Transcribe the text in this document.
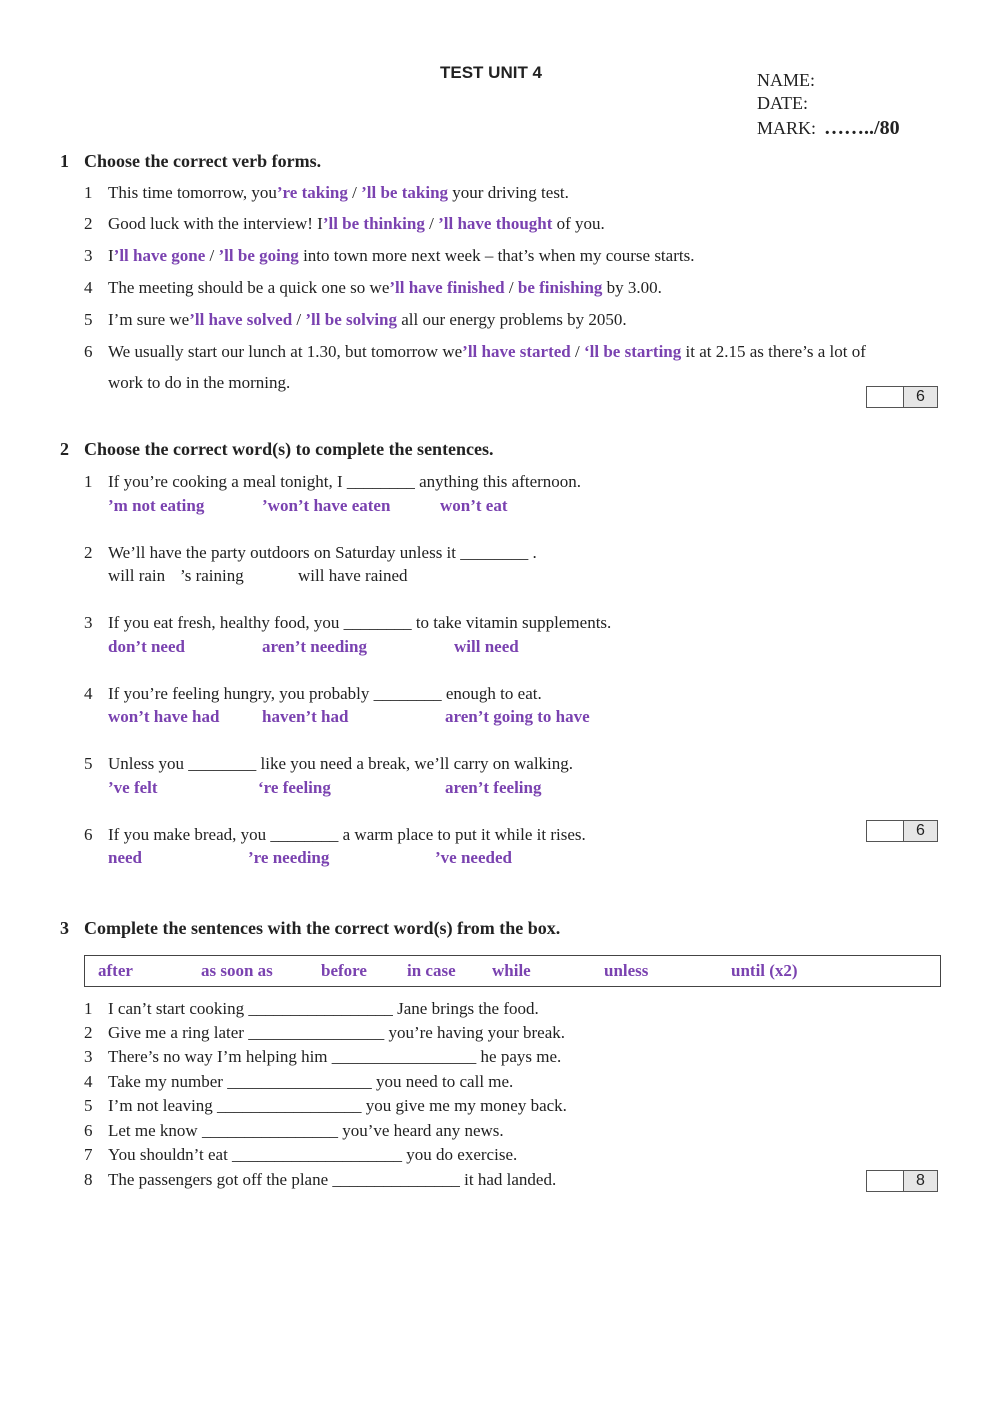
TEST UNIT 4	NAME:
DATE:
MARK: ……../80
1 Choose the correct verb forms.
1 This time tomorrow, you’re taking / ’ll be taking your driving test.
2 Good luck with the interview! I’ll be thinking / ’ll have thought of you.
3 I’ll have gone / ’ll be going into town more next week – that’s when my course starts.
4 The meeting should be a quick one so we’ll have finished / be finishing by 3.00.
5 I’m sure we’ll have solved / ’ll be solving all our energy problems by 2050.
6 We usually start our lunch at 1.30, but tomorrow we’ll have started / ‘ll be starting it at 2.15 as there’s a lot of
work to do in the morning.
6
2 Choose the correct word(s) to complete the sentences.
1 If you’re cooking a meal tonight, I ________ anything this afternoon.
’m not eating	’won’t have eaten	won’t eat
2 We’ll have the party outdoors on Saturday unless it ________ .
will rain ’s raining	will have rained
3 If you eat fresh, healthy food, you ________ to take vitamin supplements.
don’t need	aren’t needing	will need
4 If you’re feeling hungry, you probably ________ enough to eat.
won’t have had	haven’t had	aren’t going to have
5 Unless you ________ like you need a break, we’ll carry on walking.
’ve felt	‘re feeling	aren’t feeling
6 If you make bread, you ________ a warm place to put it while it rises.
need	’re needing	’ve needed
6
3 Complete the sentences with the correct word(s) from the box.
after	as soon as	before in case while	unless	until (x2)
1 I can’t start cooking _________________ Jane brings the food.
2 Give me a ring later ________________ you’re having your break.
3 There’s no way I’m helping him _________________ he pays me.
4 Take my number _________________ you need to call me.
5 I’m not leaving _________________ you give me my money back.
6 Let me know ________________ you’ve heard any news.
7 You shouldn’t eat ____________________ you do exercise.
8 The passengers got off the plane _______________ it had landed.	8
